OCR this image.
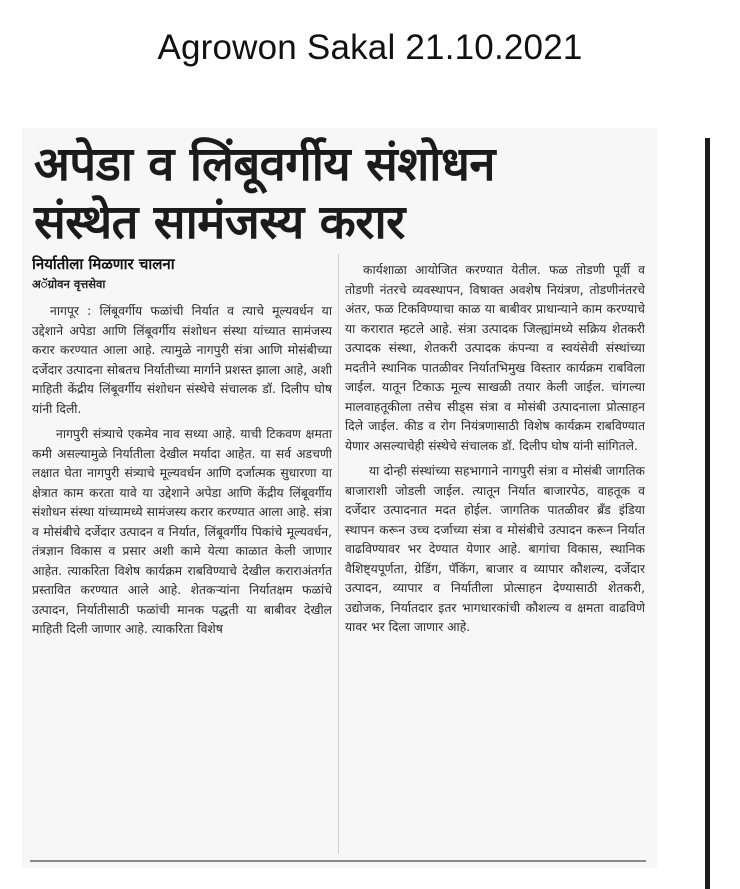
Agrowon Sakal 21.10.2021
अपेडा व लिंबूवर्गीय संशोधन
संस्थेत सामंजस्य करार
निर्यातीला मिळणार चालना
अॅग्रोवन वृत्तसेवा

नागपूर : लिंबूवर्गीय फळांची निर्यात व त्याचे मूल्यवर्धन या उद्देशाने अपेडा आणि लिंबूवर्गीय संशोधन संस्था यांच्यात सामंजस्य करार करण्यात आला आहे. त्यामुळे नागपुरी संत्रा आणि मोसंबीच्या दर्जेदार उत्पादना सोबतच निर्यातीच्या मार्गाने प्रशस्त झाला आहे, अशी माहिती केंद्रीय लिंबूवर्गीय संशोधन संस्थेचे संचालक डॉ. दिलीप घोष यांनी दिली.

नागपुरी संत्र्याचे एकमेव नाव सध्या आहे. याची टिकवण क्षमता कमी असल्यामुळे निर्यातीला देखील मर्यादा आहेत. या सर्व अडचणी लक्षात घेता नागपुरी संत्र्याचे मूल्यवर्धन आणि दर्जात्मक सुधारणा या क्षेत्रात काम करता यावे या उद्देशाने अपेडा आणि केंद्रीय लिंबूवर्गीय संशोधन संस्था यांच्यामध्ये सामंजस्य करार करण्यात आला आहे. संत्रा व मोसंबीचे दर्जेदार उत्पादन व निर्यात, लिंबूवर्गीय पिकांचे मूल्यवर्धन, तंत्रज्ञान विकास व प्रसार अशी कामे येत्या काळात केली जाणार आहेत. त्याकरिता विशेष कार्यक्रम राबविण्याचे देखील कराराअंतर्गत प्रस्तावित करण्यात आले आहे. शेतकऱ्यांना निर्यातक्षम फळांचे उत्पादन, निर्यातीसाठी फळांची मानक पद्धती या बाबीवर देखील माहिती दिली जाणार आहे. त्याकरिता विशेष

कार्यशाळा आयोजित करण्यात येतील. फळ तोडणी पूर्वी व तोडणी नंतरचे व्यवस्थापन, विषाक्त अवशेष नियंत्रण, तोडणीनंतरचे अंतर, फळ टिकविण्याचा काळ या बाबीवर प्राधान्याने काम करण्याचे या करारात म्हटले आहे. संत्रा उत्पादक जिल्ह्यांमध्ये सक्रिय शेतकरी उत्पादक संस्था, शेतकरी उत्पादक कंपन्या व स्वयंसेवी संस्थांच्या मदतीने स्थानिक पातळीवर निर्यातभिमुख विस्तार कार्यक्रम राबविला जाईल. यातून टिकाऊ मूल्य साखळी तयार केली जाईल. चांगल्या मालवाहतूकीला तसेच सीड्स संत्रा व मोसंबी उत्पादनाला प्रोत्साहन दिले जाईल. कीड व रोग नियंत्रणासाठी विशेष कार्यक्रम राबविण्यात येणार असल्याचेही संस्थेचे संचालक डॉ. दिलीप घोष यांनी सांगितले.

या दोन्ही संस्थांच्या सहभागाने नागपुरी संत्रा व मोसंबी जागतिक बाजाराशी जोडली जाईल. त्यातून निर्यात बाजारपेठ, वाहतूक व दर्जेदार उत्पादनात मदत होईल. जागतिक पातळीवर ब्रँड इंडिया स्थापन करून उच्च दर्जाच्या संत्रा व मोसंबीचे उत्पादन करून निर्यात वाढविण्यावर भर देण्यात येणार आहे. बागांचा विकास, स्थानिक वैशिष्ट्यपूर्णता, ग्रेडिंग, पॅकिंग, बाजार व व्यापार कौशल्य, दर्जेदार उत्पादन, व्यापार व निर्यातीला प्रोत्साहन देण्यासाठी शेतकरी, उद्योजक, निर्यातदार इतर भागधारकांची कौशल्य व क्षमता वाढविणे यावर भर दिला जाणार आहे.
